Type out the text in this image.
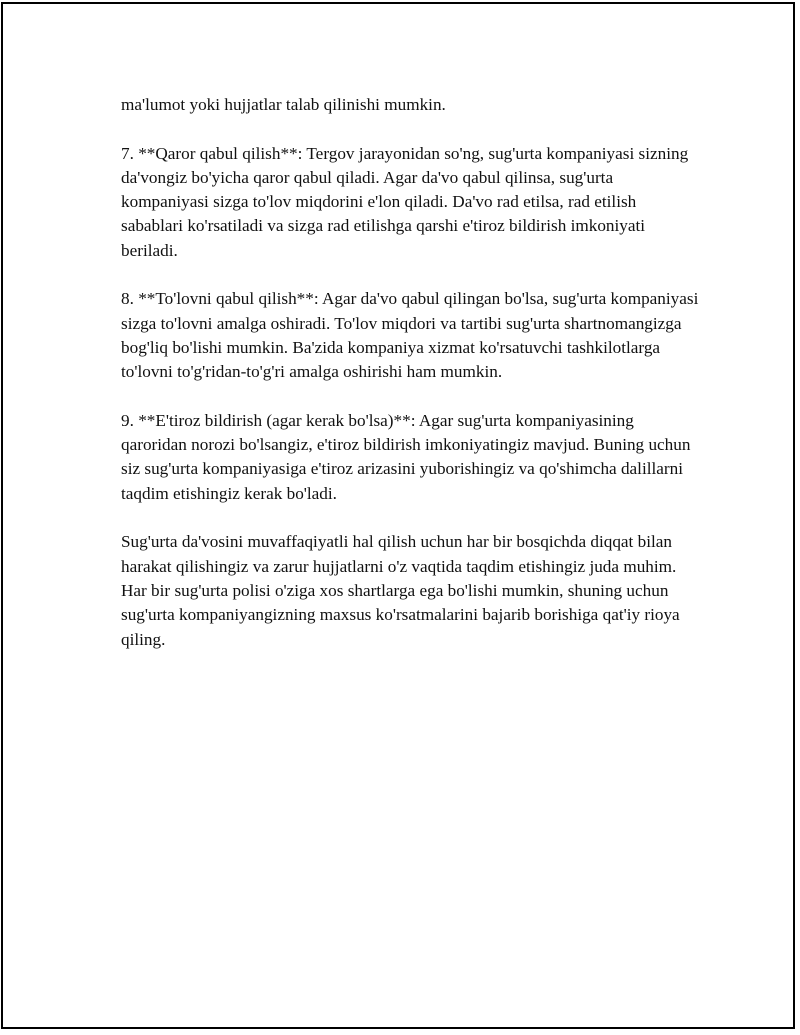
ma'lumot yoki hujjatlar talab qilinishi mumkin.

7. **Qaror qabul qilish**: Tergov jarayonidan so'ng, sug'urta kompaniyasi sizning da'vongiz bo'yicha qaror qabul qiladi. Agar da'vo qabul qilinsa, sug'urta kompaniyasi sizga to'lov miqdorini e'lon qiladi. Da'vo rad etilsa, rad etilish sabablari ko'rsatiladi va sizga rad etilishga qarshi e'tiroz bildirish imkoniyati beriladi.

8. **To'lovni qabul qilish**: Agar da'vo qabul qilingan bo'lsa, sug'urta kompaniyasi sizga to'lovni amalga oshiradi. To'lov miqdori va tartibi sug'urta shartnomangizga bog'liq bo'lishi mumkin. Ba'zida kompaniya xizmat ko'rsatuvchi tashkilotlarga to'lovni to'g'ridan-to'g'ri amalga oshirishi ham mumkin.

9. **E'tiroz bildirish (agar kerak bo'lsa)**: Agar sug'urta kompaniyasining qaroridan norozi bo'lsangiz, e'tiroz bildirish imkoniyatingiz mavjud. Buning uchun siz sug'urta kompaniyasiga e'tiroz arizasini yuborishingiz va qo'shimcha dalillarni taqdim etishingiz kerak bo'ladi.

Sug'urta da'vosini muvaffaqiyatli hal qilish uchun har bir bosqichda diqqat bilan harakat qilishingiz va zarur hujjatlarni o'z vaqtida taqdim etishingiz juda muhim. Har bir sug'urta polisi o'ziga xos shartlarga ega bo'lishi mumkin, shuning uchun sug'urta kompaniyangizning maxsus ko'rsatmalarini bajarib borishiga qat'iy rioya qiling.
